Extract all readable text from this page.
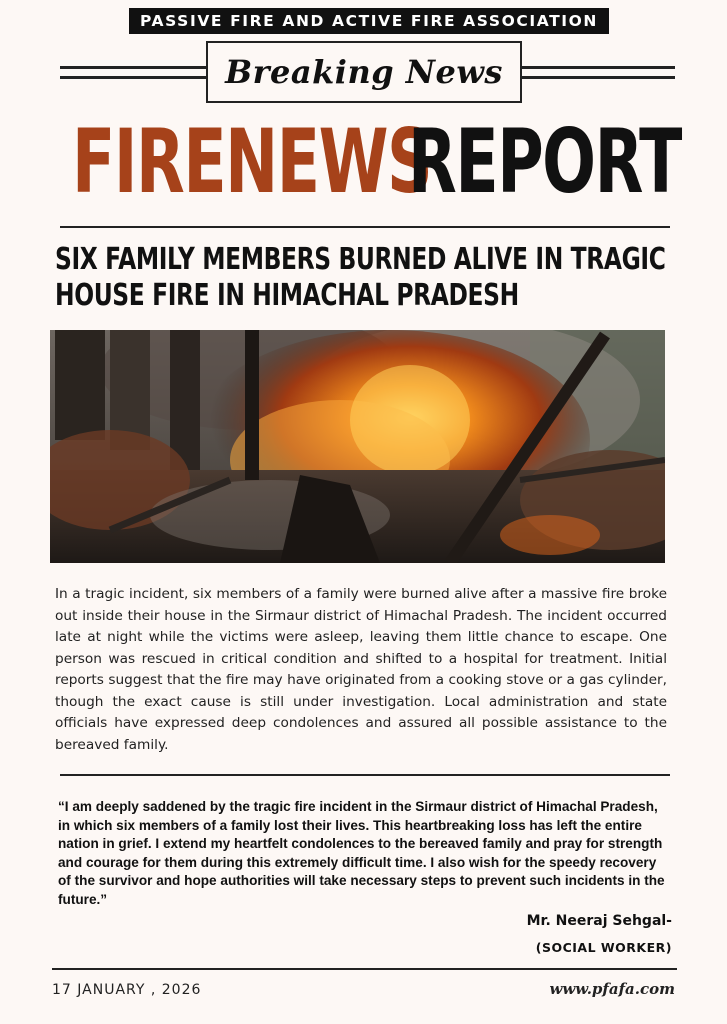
PASSIVE FIRE AND ACTIVE FIRE ASSOCIATION
Breaking News
FIRENEWS
REPORT
SIX FAMILY MEMBERS BURNED ALIVE IN TRAGIC HOUSE FIRE IN HIMACHAL PRADESH
In a tragic incident, six members of a family were burned alive after a massive fire broke out inside their house in the Sirmaur district of Himachal Pradesh. The incident occurred late at night while the victims were asleep, leaving them little chance to escape. One person was rescued in critical condition and shifted to a hospital for treatment. Initial reports suggest that the fire may have originated from a cooking stove or a gas cylinder, though the exact cause is still under investigation. Local administration and state officials have expressed deep condolences and assured all possible assistance to the bereaved family.
“I am deeply saddened by the tragic fire incident in the Sirmaur district of Himachal Pradesh, in which six members of a family lost their lives. This heartbreaking loss has left the entire nation in grief. I extend my heartfelt condolences to the bereaved family and pray for strength and courage for them during this extremely difficult time. I also wish for the speedy recovery of the survivor and hope authorities will take necessary steps to prevent such incidents in the future.”
Mr. Neeraj Sehgal-
(SOCIAL WORKER)
17 JANUARY , 2026	www.pfafa.com
